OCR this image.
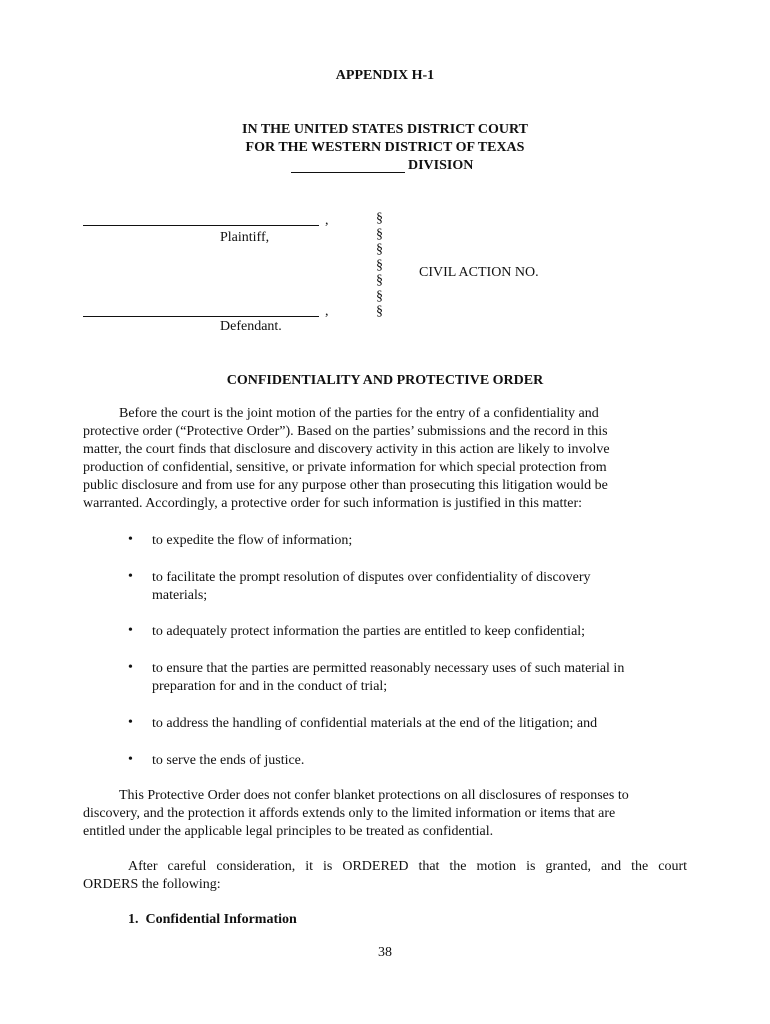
APPENDIX H-1
IN THE UNITED STATES DISTRICT COURT
FOR THE WESTERN DISTRICT OF TEXAS
DIVISION
,
Plaintiff,
,
Defendant.
§
§
§
§
§
§
§
CIVIL ACTION NO.
CONFIDENTIALITY AND PROTECTIVE ORDER
Before the court is the joint motion of the parties for the entry of a confidentiality and
protective order (“Protective Order”). Based on the parties’ submissions and the record in this
matter, the court finds that disclosure and discovery activity in this action are likely to involve
production of confidential, sensitive, or private information for which special protection from
public disclosure and from use for any purpose other than prosecuting this litigation would be
warranted. Accordingly, a protective order for such information is justified in this matter:
• to expedite the flow of information;
• to facilitate the prompt resolution of disputes over confidentiality of discovery
materials;
• to adequately protect information the parties are entitled to keep confidential;
• to ensure that the parties are permitted reasonably necessary uses of such material in
preparation for and in the conduct of trial;
• to address the handling of confidential materials at the end of the litigation; and
• to serve the ends of justice.
This Protective Order does not confer blanket protections on all disclosures of responses to
discovery, and the protection it affords extends only to the limited information or items that are
entitled under the applicable legal principles to be treated as confidential.
After careful consideration, it is ORDERED that the motion is granted, and the court
ORDERS the following:
1.  Confidential Information
38
